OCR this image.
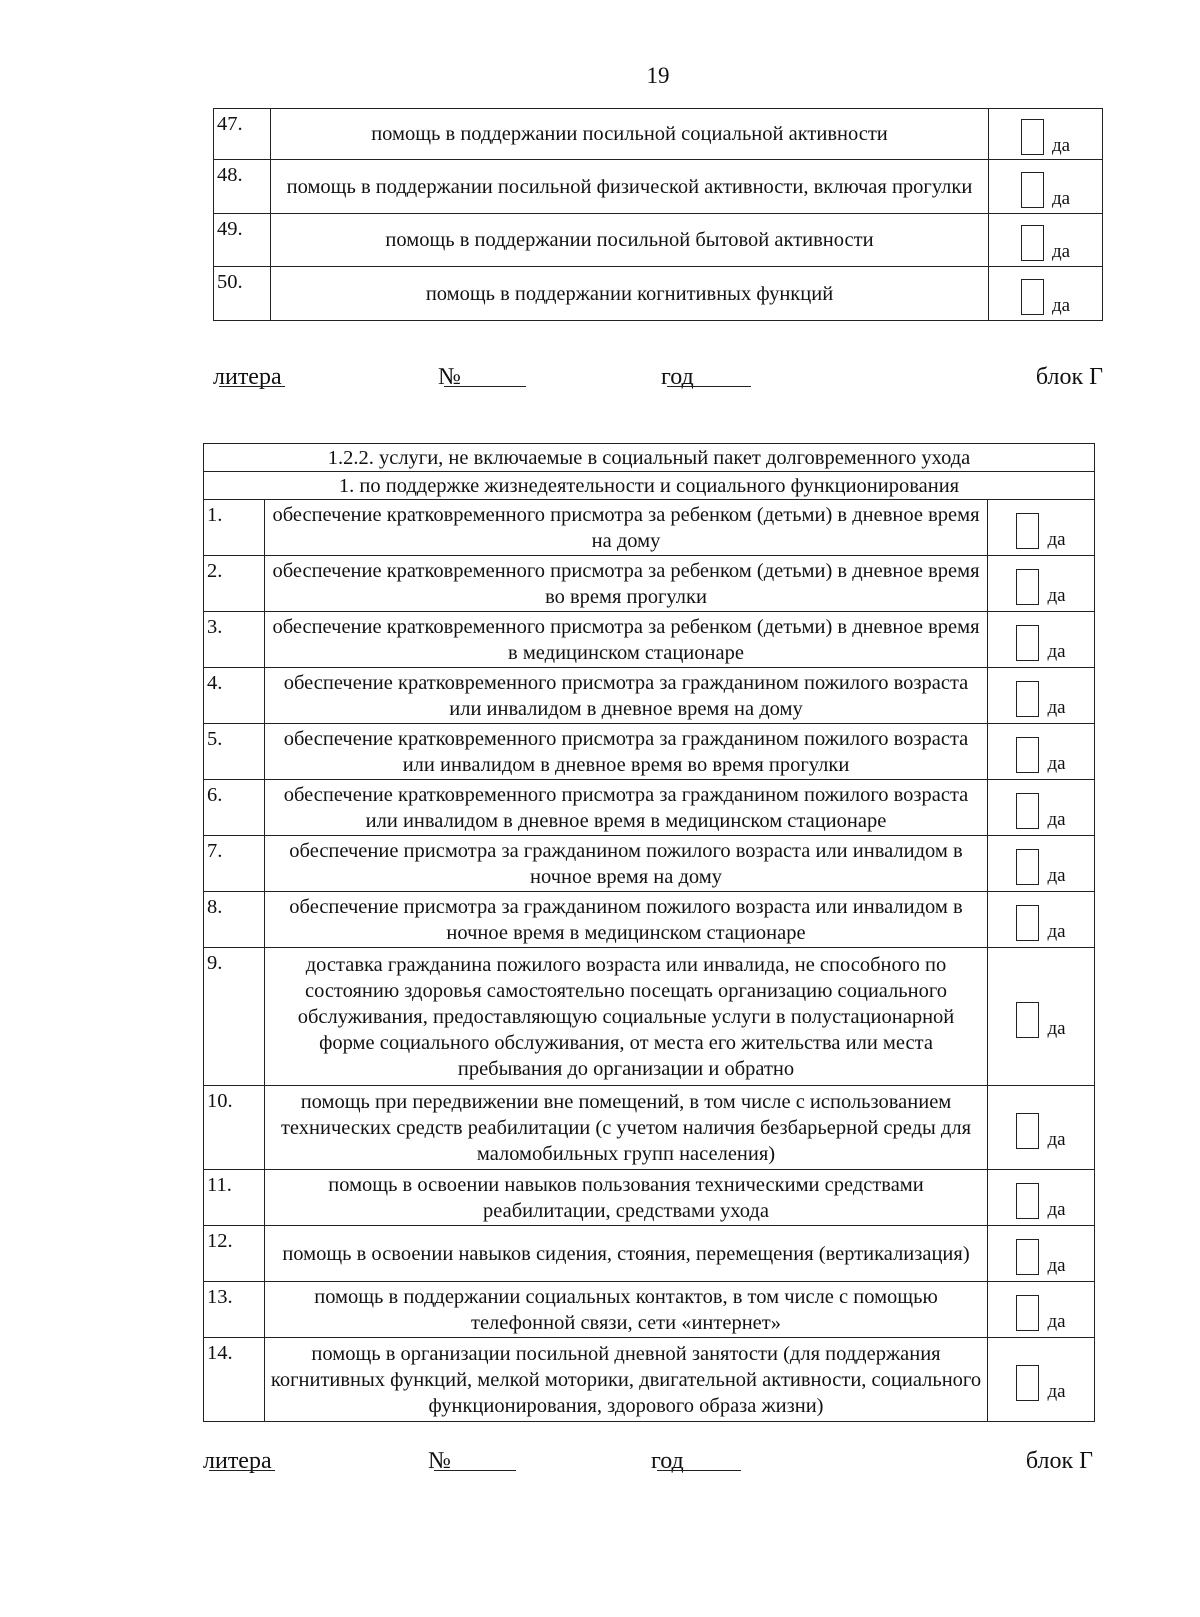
19
47.	помощь в поддержании посильной социальной активности	да

48.	помощь в поддержании посильной физической активности, включая прогулки	да

49.	помощь в поддержании посильной бытовой активности	да

50.	помощь в поддержании когнитивных функций	да
литера	№	год	блок Г
1.2.2. услуги, не включаемые в социальный пакет долговременного ухода		
1. по поддержке жизнедеятельности и социального функционирования		
1.	обеспечение кратковременного присмотра за ребенком (детьми) в дневное время на дому	да

2.	обеспечение кратковременного присмотра за ребенком (детьми) в дневное время во время прогулки	да

3.	обеспечение кратковременного присмотра за ребенком (детьми) в дневное время в медицинском стационаре	да

4.	обеспечение кратковременного присмотра за гражданином пожилого возраста или инвалидом в дневное время на дому	да

5.	обеспечение кратковременного присмотра за гражданином пожилого возраста или инвалидом в дневное время во время прогулки	да

6.	обеспечение кратковременного присмотра за гражданином пожилого возраста или инвалидом в дневное время в медицинском стационаре	да

7.	обеспечение присмотра за гражданином пожилого возраста или инвалидом в ночное время на дому	да

8.	обеспечение присмотра за гражданином пожилого возраста или инвалидом в ночное время в медицинском стационаре	да

9.	доставка гражданина пожилого возраста или инвалида, не способного по состоянию здоровья самостоятельно посещать организацию социального обслуживания, предоставляющую социальные услуги в полустационарной форме социального обслуживания, от места его жительства или места пребывания до организации и обратно	да

10.	помощь при передвижении вне помещений, в том числе с использованием технических средств реабилитации (с учетом наличия безбарьерной среды для маломобильных групп населения)	да

11.	помощь в освоении навыков пользования техническими средствами реабилитации, средствами ухода	да

12.	помощь в освоении навыков сидения, стояния, перемещения (вертикализация)	да

13.	помощь в поддержании социальных контактов, в том числе с помощью телефонной связи, сети «интернет»	да

14.	помощь в организации посильной дневной занятости (для поддержания когнитивных функций, мелкой моторики, двигательной активности, социального функционирования, здорового образа жизни)	да
литера	№	год	блок Г
